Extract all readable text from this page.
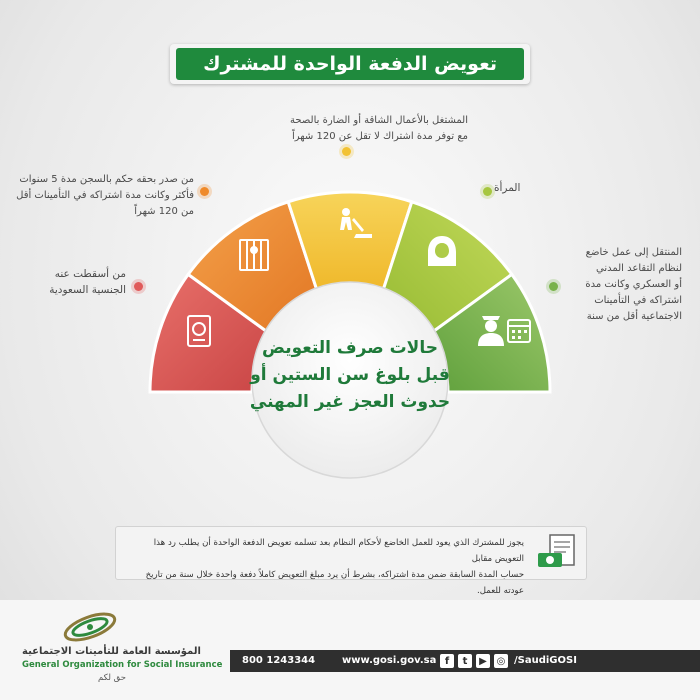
تعويض الدفعة الواحدة للمشترك
حالات صرف التعويض
قبل بلوغ سن الستين أو
حدوث العجز غير المهني
من أسقطت عنه
الجنسية السعودية
من صدر بحقه حكم بالسجن مدة 5 سنوات
فأكثر وكانت مدة اشتراكه في التأمينات أقل
من 120 شهراً
المشتغل بالأعمال الشاقة أو الضارة بالصحة
مع توفر مدة اشتراك لا تقل عن 120 شهراً
المرأة
المنتقل إلى عمل خاضع
لنظام التقاعد المدني
أو العسكري وكانت مدة
اشتراكه في التأمينات
الاجتماعية أقل من سنة
يجوز للمشترك الذي يعود للعمل الخاضع لأحكام النظام بعد تسلمه تعويض الدفعة الواحدة أن يطلب رد هذا التعويض مقابل
حساب المدة السابقة ضمن مدة اشتراكه، بشرط أن يرد مبلغ التعويض كاملاً دفعة واحدة خلال سنة من تاريخ عودته للعمل.
المؤسسة العامة للتأمينات الاجتماعية
General Organization for Social Insurance
حق لكم
800 1243344	www.gosi.gov.sa f	t	▶ ◎ /SaudiGOSI
